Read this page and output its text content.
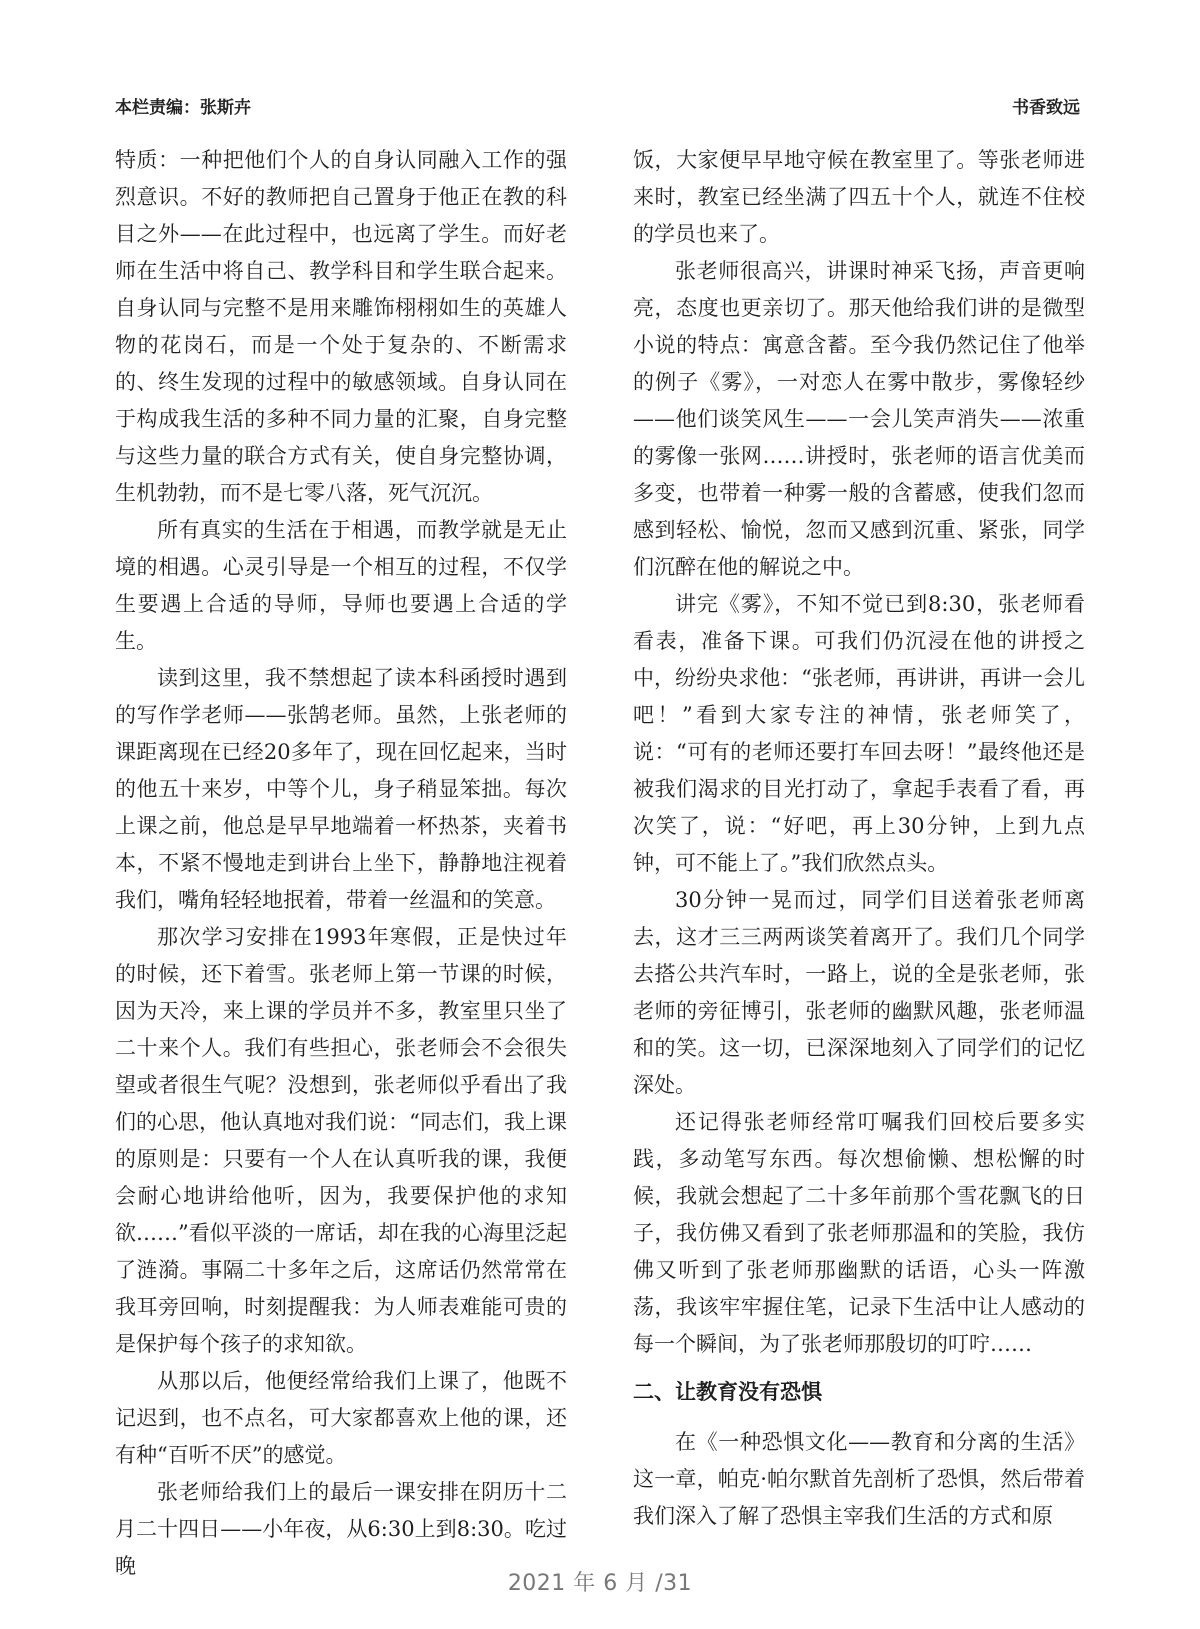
本栏责编：张斯卉	书香致远

特质：一种把他们个人的自身认同融入工作的强烈意识。不好的教师把自己置身于他正在教的科目之外——在此过程中，也远离了学生。而好老师在生活中将自己、教学科目和学生联合起来。自身认同与完整不是用来雕饰栩栩如生的英雄人物的花岗石，而是一个处于复杂的、不断需求的、终生发现的过程中的敏感领域。自身认同在于构成我生活的多种不同力量的汇聚，自身完整与这些力量的联合方式有关，使自身完整协调，生机勃勃，而不是七零八落，死气沉沉。

所有真实的生活在于相遇，而教学就是无止境的相遇。心灵引导是一个相互的过程，不仅学生要遇上合适的导师，导师也要遇上合适的学生。

读到这里，我不禁想起了读本科函授时遇到的写作学老师——张鹄老师。虽然，上张老师的课距离现在已经20多年了，现在回忆起来，当时的他五十来岁，中等个儿，身子稍显笨拙。每次上课之前，他总是早早地端着一杯热茶，夹着书本，不紧不慢地走到讲台上坐下，静静地注视着我们，嘴角轻轻地抿着，带着一丝温和的笑意。

那次学习安排在1993年寒假，正是快过年的时候，还下着雪。张老师上第一节课的时候，因为天冷，来上课的学员并不多，教室里只坐了二十来个人。我们有些担心，张老师会不会很失望或者很生气呢？没想到，张老师似乎看出了我们的心思，他认真地对我们说：“同志们，我上课的原则是：只要有一个人在认真听我的课，我便会耐心地讲给他听，因为，我要保护他的求知欲……”看似平淡的一席话，却在我的心海里泛起了涟漪。事隔二十多年之后，这席话仍然常常在我耳旁回响，时刻提醒我：为人师表难能可贵的是保护每个孩子的求知欲。

从那以后，他便经常给我们上课了，他既不记迟到，也不点名，可大家都喜欢上他的课，还有种“百听不厌”的感觉。

张老师给我们上的最后一课安排在阴历十二月二十四日——小年夜，从6:30上到8:30。吃过晚

饭，大家便早早地守候在教室里了。等张老师进来时，教室已经坐满了四五十个人，就连不住校的学员也来了。

张老师很高兴，讲课时神采飞扬，声音更响亮，态度也更亲切了。那天他给我们讲的是微型小说的特点：寓意含蓄。至今我仍然记住了他举的例子《雾》，一对恋人在雾中散步，雾像轻纱——他们谈笑风生——一会儿笑声消失——浓重的雾像一张网……讲授时，张老师的语言优美而多变，也带着一种雾一般的含蓄感，使我们忽而感到轻松、愉悦，忽而又感到沉重、紧张，同学们沉醉在他的解说之中。

讲完《雾》，不知不觉已到8:30，张老师看看表，准备下课。可我们仍沉浸在他的讲授之中，纷纷央求他：“张老师，再讲讲，再讲一会儿吧！”看到大家专注的神情，张老师笑了，说：“可有的老师还要打车回去呀！”最终他还是被我们渴求的目光打动了，拿起手表看了看，再次笑了，说：“好吧，再上30分钟，上到九点钟，可不能上了。”我们欣然点头。

30分钟一晃而过，同学们目送着张老师离去，这才三三两两谈笑着离开了。我们几个同学去搭公共汽车时，一路上，说的全是张老师，张老师的旁征博引，张老师的幽默风趣，张老师温和的笑。这一切，已深深地刻入了同学们的记忆深处。

还记得张老师经常叮嘱我们回校后要多实践，多动笔写东西。每次想偷懒、想松懈的时候，我就会想起了二十多年前那个雪花飘飞的日子，我仿佛又看到了张老师那温和的笑脸，我仿佛又听到了张老师那幽默的话语，心头一阵激荡，我该牢牢握住笔，记录下生活中让人感动的每一个瞬间，为了张老师那殷切的叮咛……

二、让教育没有恐惧

在《一种恐惧文化——教育和分离的生活》这一章，帕克·帕尔默首先剖析了恐惧，然后带着我们深入了解了恐惧主宰我们生活的方式和原

2021 年 6 月 /31
